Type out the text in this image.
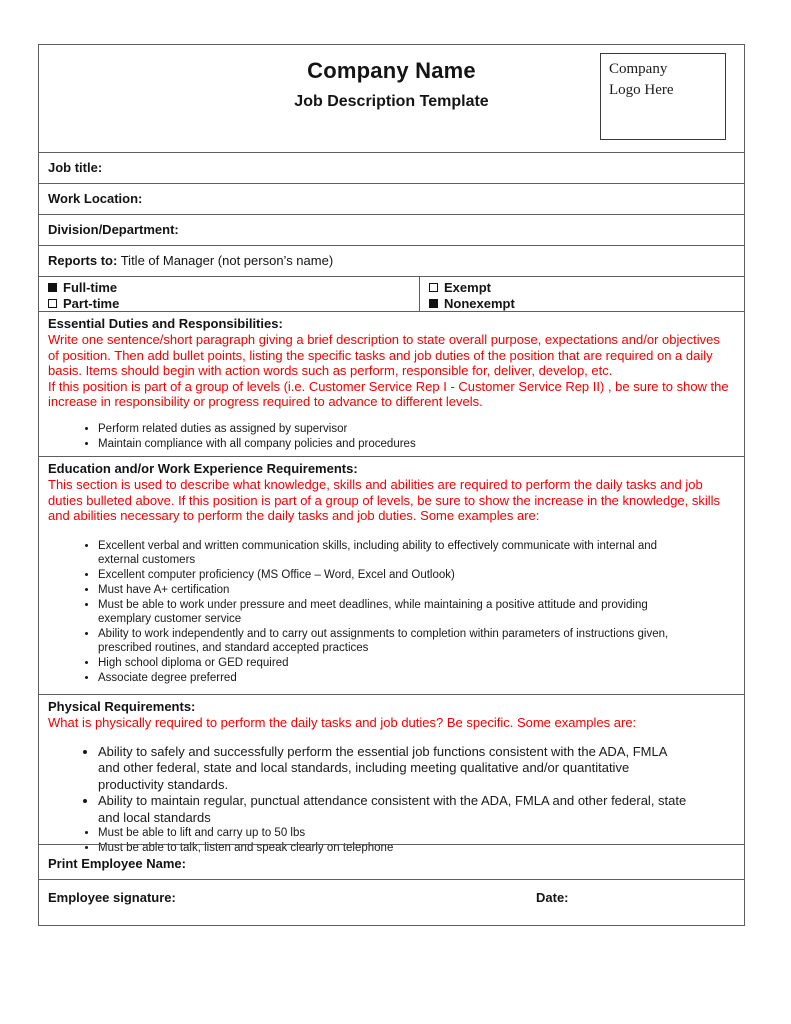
Company Name
Job Description Template
Company Logo Here
Job title:
Work Location:
Division/Department:
Reports to: Title of Manager (not person’s name)
Full-time
Part-time
Exempt
Nonexempt
Essential Duties and Responsibilities:
Write one sentence/short paragraph giving a brief description to state overall purpose, expectations and/or objectives of position. Then add bullet points, listing the specific tasks and job duties of the position that are required on a daily basis. Items should begin with action words such as perform, responsible for, deliver, develop, etc.
If this position is part of a group of levels (i.e. Customer Service Rep I - Customer Service Rep II) , be sure to show the increase in responsibility or progress required to advance to different levels.
• Perform related duties as assigned by supervisor
• Maintain compliance with all company policies and procedures
Education and/or Work Experience Requirements:
This section is used to describe what knowledge, skills and abilities are required to perform the daily tasks and job duties bulleted above. If this position is part of a group of levels, be sure to show the increase in the knowledge, skills and abilities necessary to perform the daily tasks and job duties. Some examples are:
• Excellent verbal and written communication skills, including ability to effectively communicate with internal and external customers
• Excellent computer proficiency (MS Office – Word, Excel and Outlook)
• Must have A+ certification
• Must be able to work under pressure and meet deadlines, while maintaining a positive attitude and providing exemplary customer service
• Ability to work independently and to carry out assignments to completion within parameters of instructions given, prescribed routines, and standard accepted practices
• High school diploma or GED required
• Associate degree preferred
Physical Requirements:
What is physically required to perform the daily tasks and job duties? Be specific. Some examples are:
• Ability to safely and successfully perform the essential job functions consistent with the ADA, FMLA and other federal, state and local standards, including meeting qualitative and/or quantitative productivity standards.
• Ability to maintain regular, punctual attendance consistent with the ADA, FMLA and other federal, state and local standards
• Must be able to lift and carry up to 50 lbs
• Must be able to talk, listen and speak clearly on telephone
Print Employee Name:
Employee signature:	Date:
